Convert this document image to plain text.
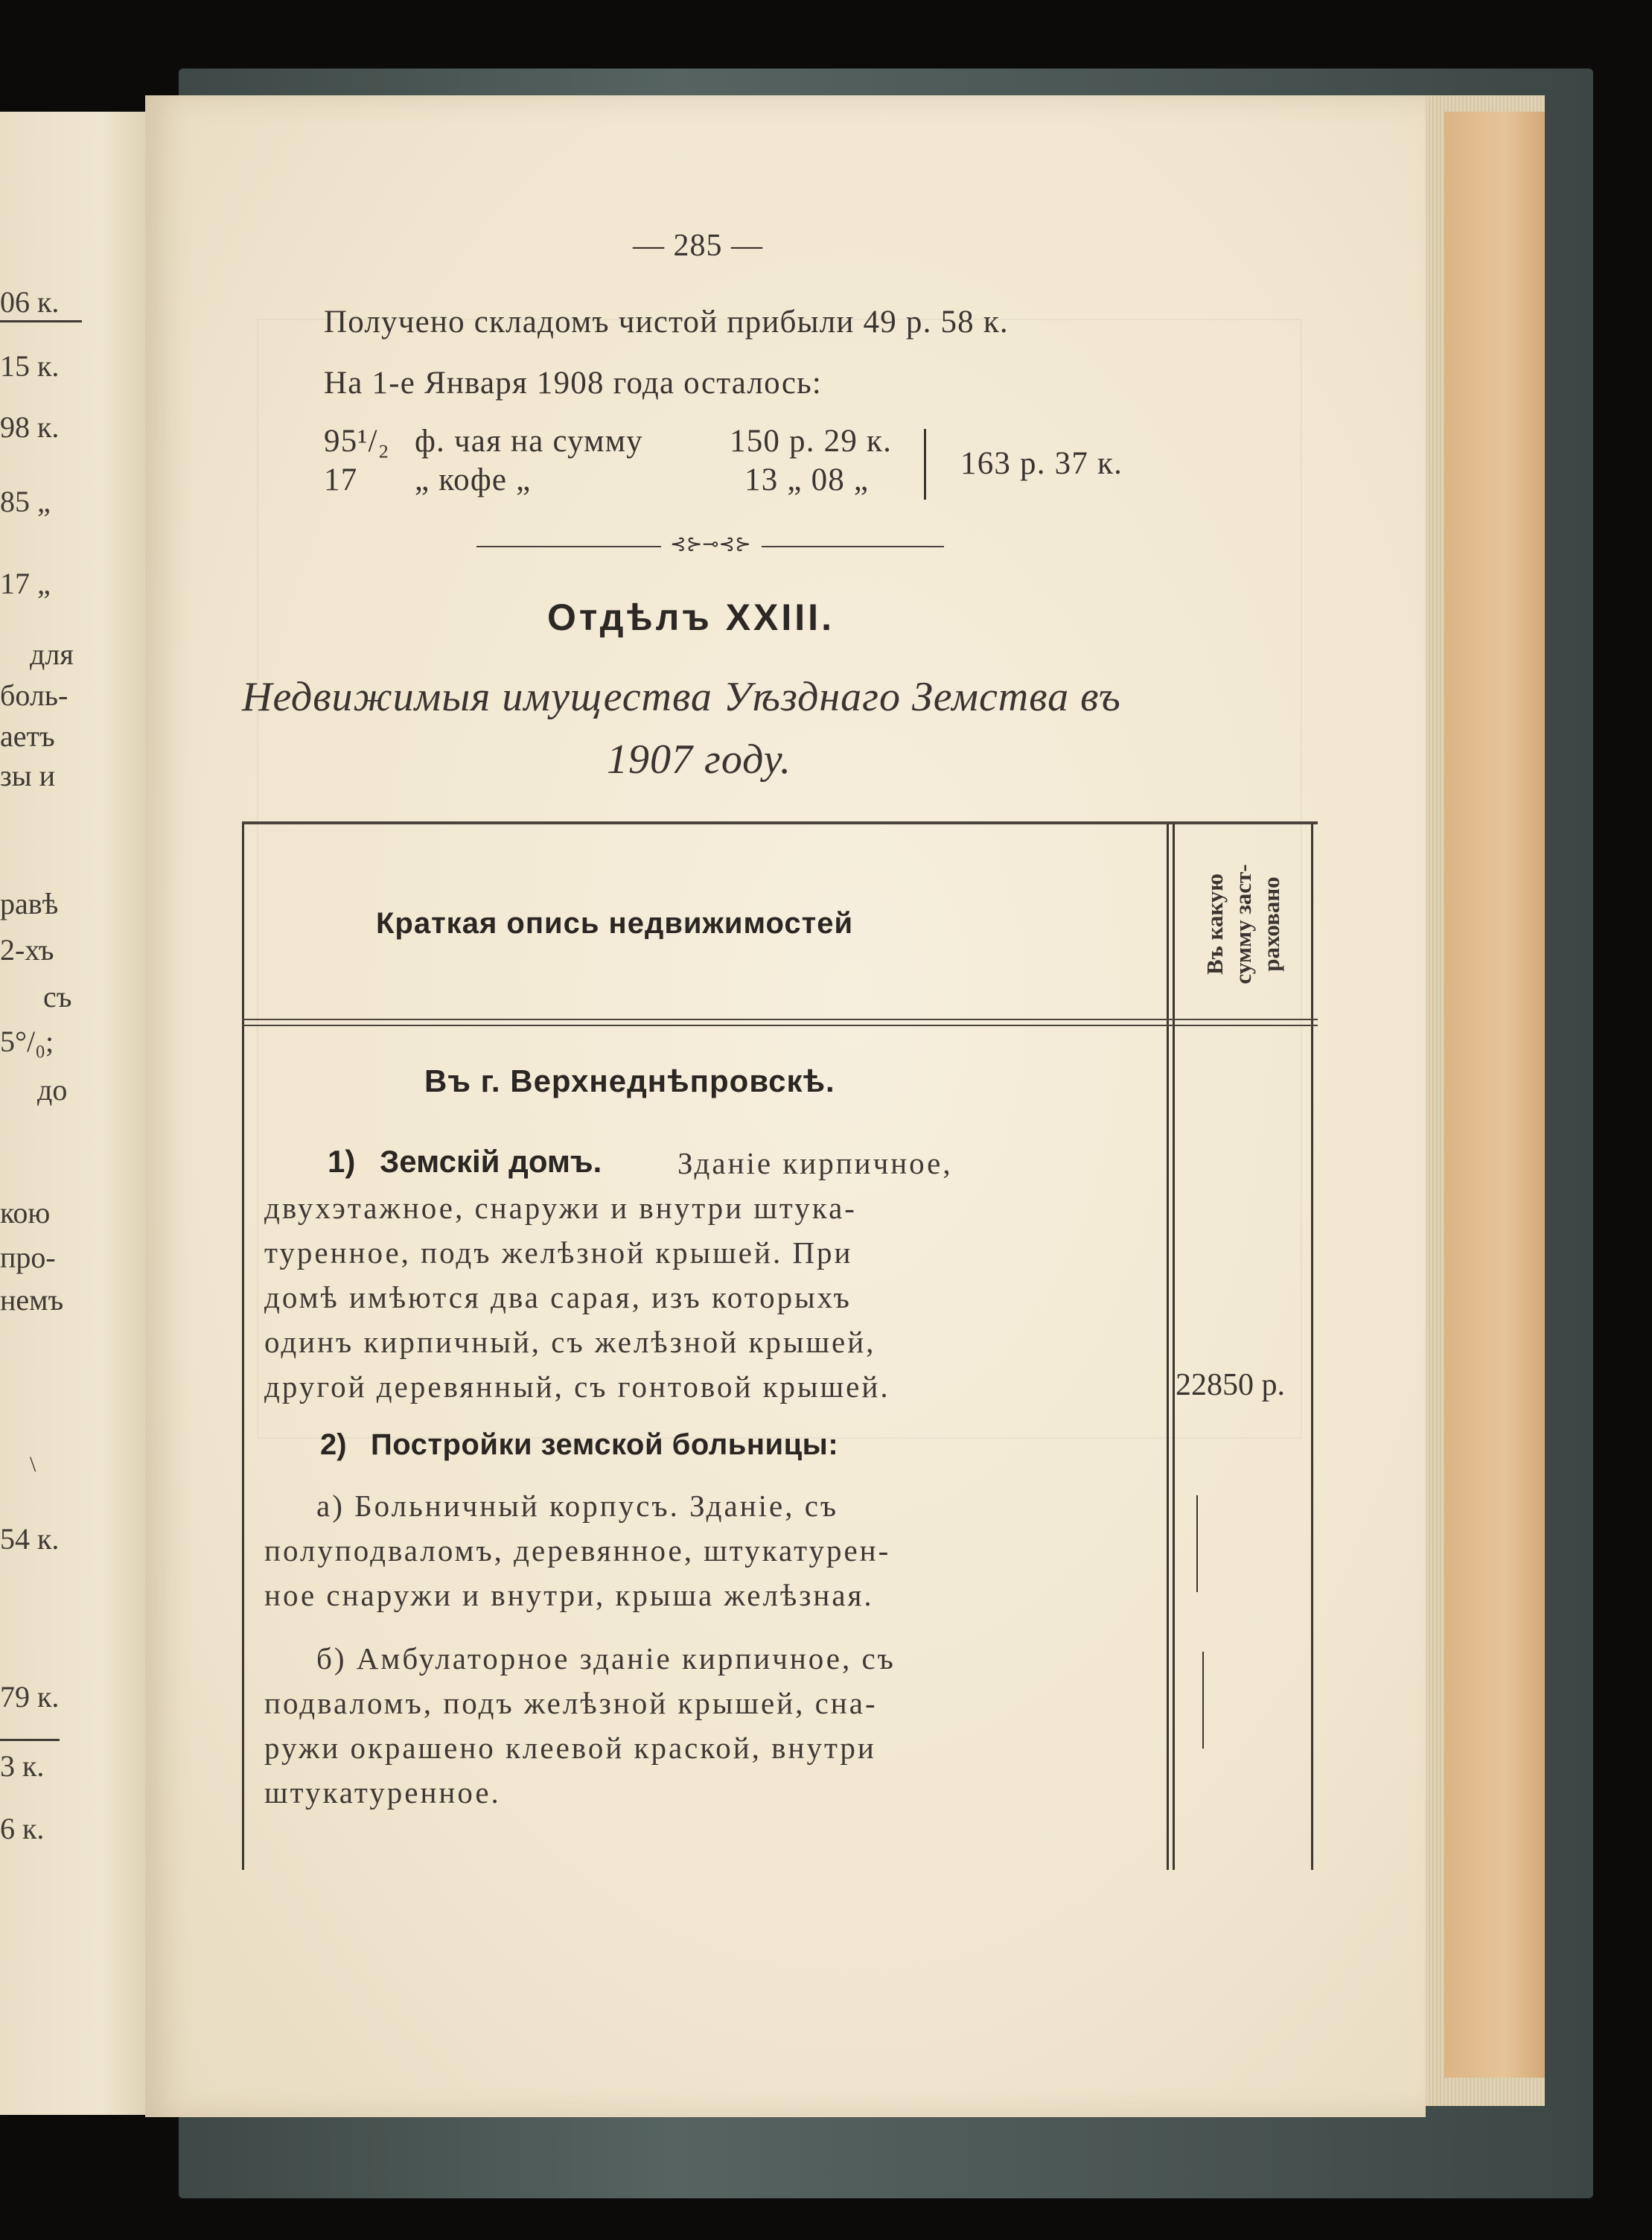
06 к.
15 к.
98 к.
85 „
17 „
для
боль-
аетъ
зы и
равѣ
2-хъ
съ
5°/₀;
до
кою
про-
немъ
\
54 к.
79 к.
3 к.
6 к.
— 285 —
Получено складомъ чистой прибыли 49 р. 58 к.
На 1-е Января 1908 года осталось:
95¹/₂ ф. чая на сумму	150 р. 29 к.
17 „ кофе „	13 „ 08 „	163 р. 37 к.
⊰⊱⊸⊰⊱
Отдѣлъ XXIII.
Недвижимыя имущества Уѣзднаго Земства въ
1907 году.
Краткая опись недвижимостей	Въ какую сумму заст- раховано
Въ г. Верхнеднѣпровскѣ.
1) Земскій домъ. Зданіе кирпичное,
двухэтажное, снаружи и внутри штука-
туренное, подъ желѣзной крышей. При
домѣ имѣются два сарая, изъ которыхъ
одинъ кирпичный, съ желѣзной крышей,
другой деревянный, съ гонтовой крышей.	22850 р.
2) Постройки земской больницы:
а) Больничный корпусъ. Зданіе, съ
полуподваломъ, деревянное, штукатурен-
ное снаружи и внутри, крыша желѣзная.
б) Амбулаторное зданіе кирпичное, съ
подваломъ, подъ желѣзной крышей, сна-
ружи окрашено клеевой краской, внутри
штукатуренное.
